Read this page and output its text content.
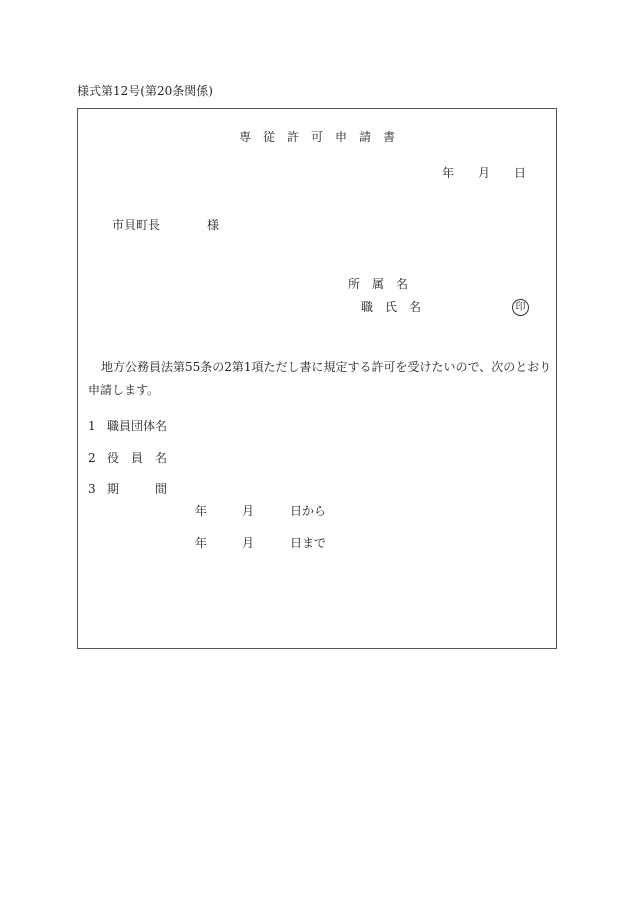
様式第12号(第20条関係)
専　従　許　可　申　請　書
年 月 日
市貝町長	様
所　属　名
職　氏　名	印
地方公務員法第55条の2第1項ただし書に規定する許可を受けたいので、次のとおり
申請します。
1 職員団体名
2 役　員　名
3 期　　　間
年	月	日から
年	月	日まで
